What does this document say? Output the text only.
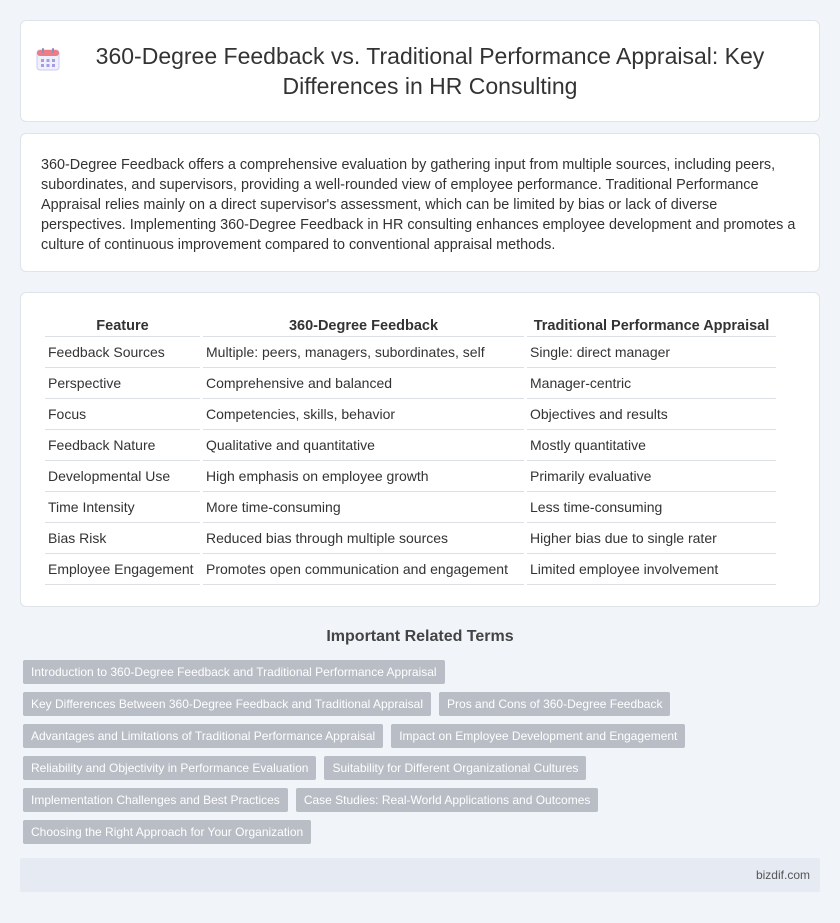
360-Degree Feedback vs. Traditional Performance Appraisal: Key Differences in HR Consulting

360-Degree Feedback offers a comprehensive evaluation by gathering input from multiple sources, including peers, subordinates, and supervisors, providing a well-rounded view of employee performance. Traditional Performance Appraisal relies mainly on a direct supervisor's assessment, which can be limited by bias or lack of diverse perspectives. Implementing 360-Degree Feedback in HR consulting enhances employee development and promotes a culture of continuous improvement compared to conventional appraisal methods.

Feature	360-Degree Feedback	Traditional Performance Appraisal
Feedback Sources	Multiple: peers, managers, subordinates, self	Single: direct manager
Perspective	Comprehensive and balanced	Manager-centric
Focus	Competencies, skills, behavior	Objectives and results
Feedback Nature	Qualitative and quantitative	Mostly quantitative
Developmental Use	High emphasis on employee growth	Primarily evaluative
Time Intensity	More time-consuming	Less time-consuming
Bias Risk	Reduced bias through multiple sources	Higher bias due to single rater
Employee Engagement	Promotes open communication and engagement	Limited employee involvement
Important Related Terms
Introduction to 360-Degree Feedback and Traditional Performance Appraisal
Key Differences Between 360-Degree Feedback and Traditional Appraisal	Pros and Cons of 360-Degree Feedback
Advantages and Limitations of Traditional Performance Appraisal	Impact on Employee Development and Engagement
Reliability and Objectivity in Performance Evaluation	Suitability for Different Organizational Cultures
Implementation Challenges and Best Practices	Case Studies: Real-World Applications and Outcomes
Choosing the Right Approach for Your Organization
bizdif.com
